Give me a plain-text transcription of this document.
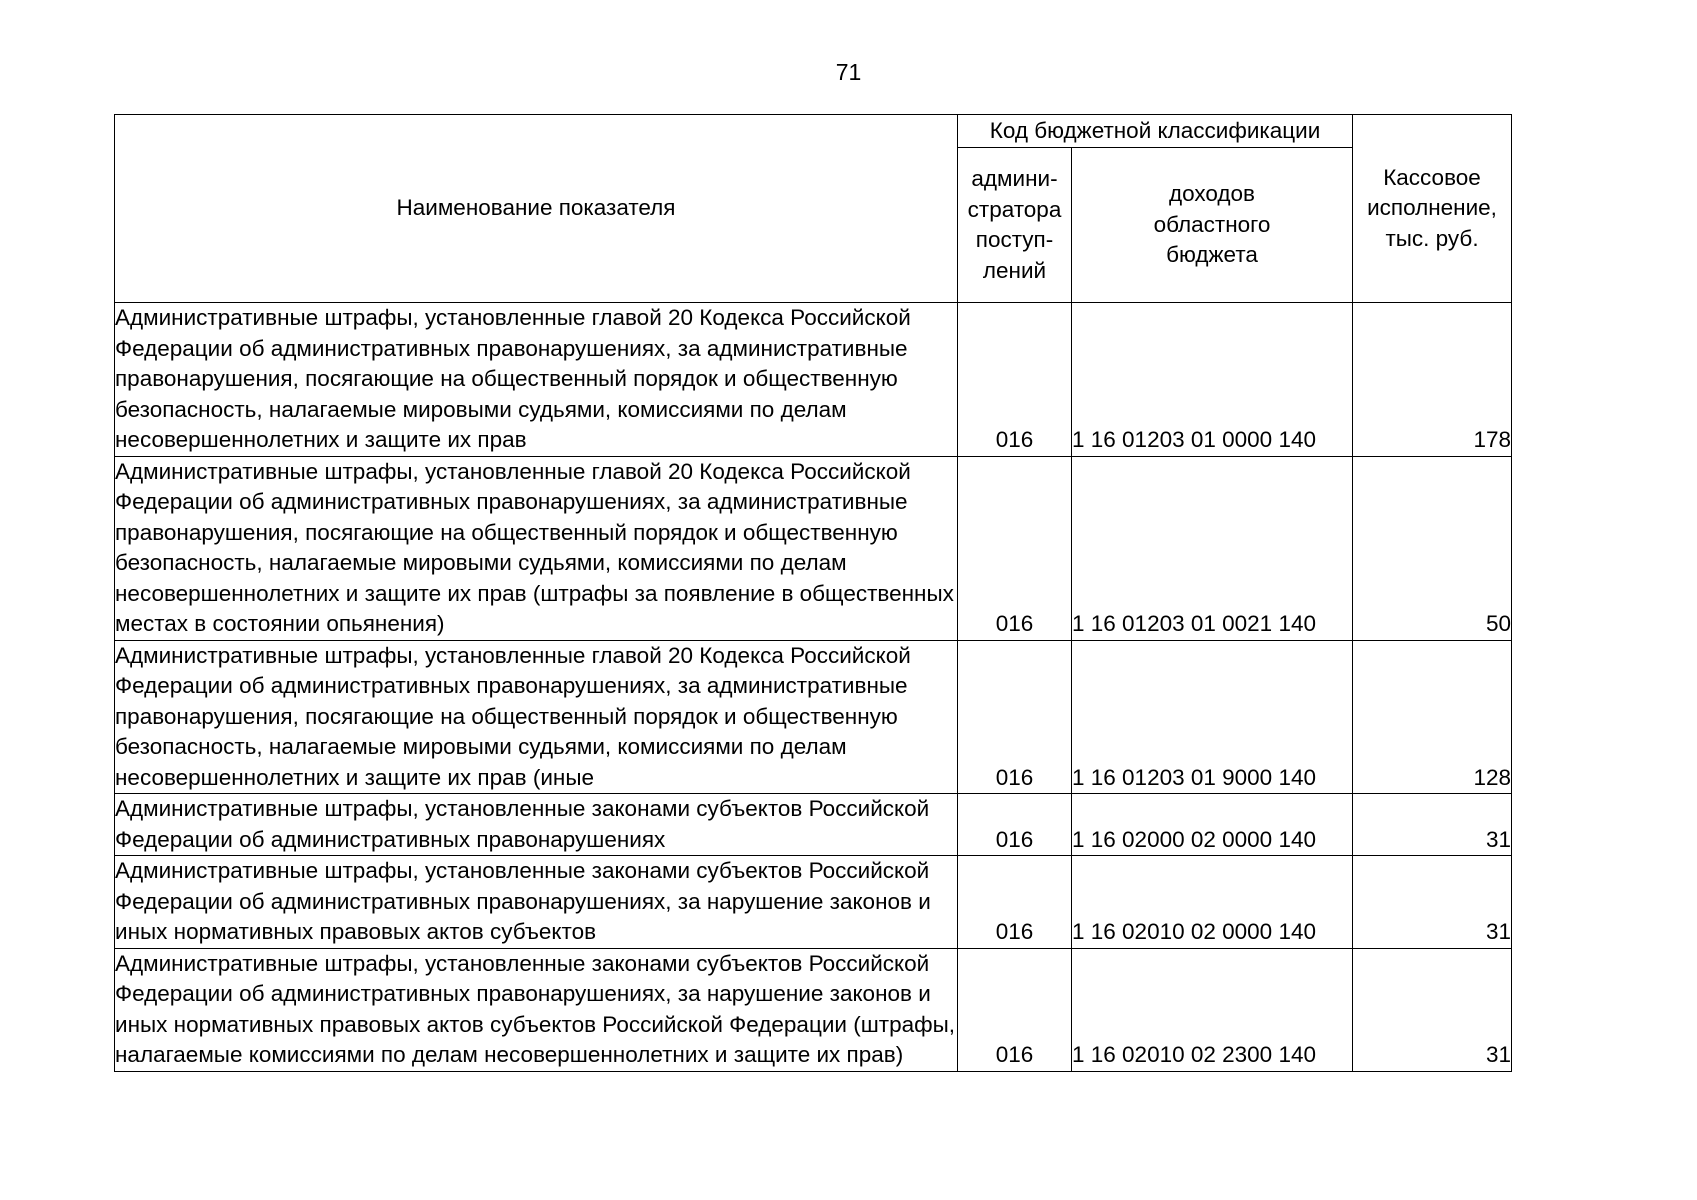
71
Наименование показателя	Код бюджетной классификации		Кассовое
исполнение,
тыс. руб.
	админи-
стратора
поступ-
лений	доходов
областного
бюджета	

Административные штрафы, установленные главой 20 Кодекса Российской Федерации об административных правонарушениях, за административные правонарушения, посягающие на общественный порядок и общественную безопасность, налагаемые мировыми судьями, комиссиями по делам несовершеннолетних и защите их прав	016	1 16 01203 01 0000 140	178

Административные штрафы, установленные главой 20 Кодекса Российской Федерации об административных правонарушениях, за административные правонарушения, посягающие на общественный порядок и общественную безопасность, налагаемые мировыми судьями, комиссиями по делам несовершеннолетних и защите их прав (штрафы за появление в общественных местах в состоянии опьянения)	016	1 16 01203 01 0021 140	50

Административные штрафы, установленные главой 20 Кодекса Российской Федерации об административных правонарушениях, за административные правонарушения, посягающие на общественный порядок и общественную безопасность, налагаемые мировыми судьями, комиссиями по делам несовершеннолетних и защите их прав (иные	016	1 16 01203 01 9000 140	128

Административные штрафы, установленные законами субъектов Российской Федерации об административных правонарушениях	016	1 16 02000 02 0000 140	31

Административные штрафы, установленные законами субъектов Российской Федерации об административных правонарушениях, за нарушение законов и иных нормативных правовых актов субъектов	016	1 16 02010 02 0000 140	31

Административные штрафы, установленные законами субъектов Российской Федерации об административных правонарушениях, за нарушение законов и иных нормативных правовых актов субъектов Российской Федерации (штрафы, налагаемые комиссиями по делам несовершеннолетних и защите их прав)	016	1 16 02010 02 2300 140	31
